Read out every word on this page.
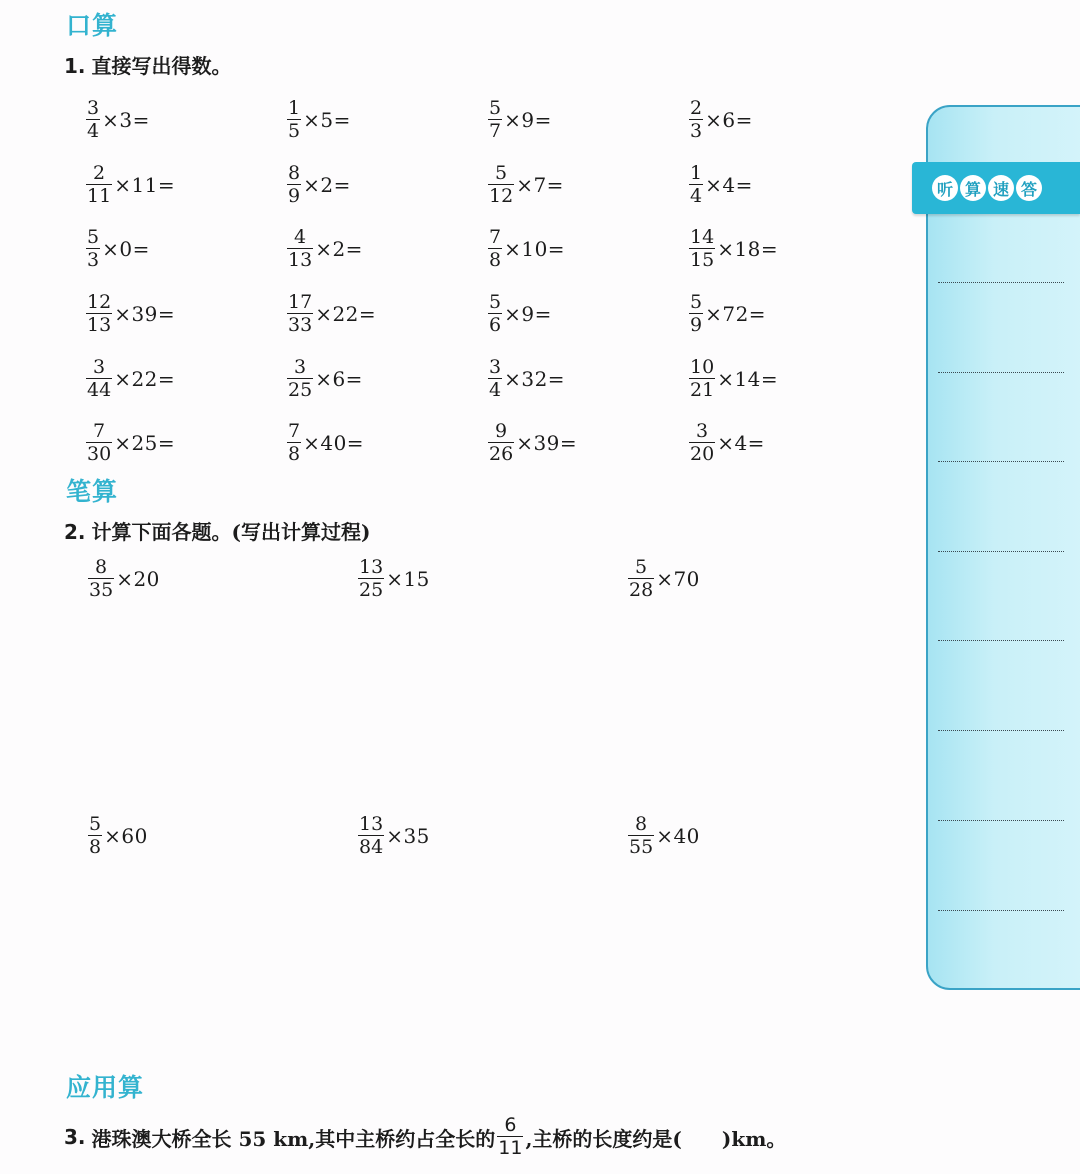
口算
1. 直接写出得数。
$\frac{3}{4} \times 3=$	$\frac{1}{5} \times 5=$	$\frac{5}{7} \times 9=$	$\frac{2}{3} \times 6=$
$\frac{2}{11} \times 11=$	$\frac{8}{9} \times 2=$	$\frac{5}{12} \times 7=$	$\frac{1}{4} \times 4=$
$\frac{5}{3} \times 0=$	$\frac{4}{13} \times 2=$	$\frac{7}{8} \times 10=$	$\frac{14}{15} \times 18=$
$\frac{12}{13} \times 39=$	$\frac{17}{33} \times 22=$	$\frac{5}{6} \times 9=$	$\frac{5}{9} \times 72=$
$\frac{3}{44} \times 22=$	$\frac{3}{25} \times 6=$	$\frac{3}{4} \times 32=$	$\frac{10}{21} \times 14=$
$\frac{7}{30} \times 25=$	$\frac{7}{8} \times 40=$	$\frac{9}{26} \times 39=$	$\frac{3}{20} \times 4=$
笔算
2. 计算下面各题。(写出计算过程)
$\frac{8}{35} \times 20$	$\frac{13}{25} \times 15$	$\frac{5}{28} \times 70$
$\frac{5}{8} \times 60$	$\frac{13}{84} \times 35$	$\frac{8}{55} \times 40$
应用算
3. 港珠澳大桥全长 55 km,其中主桥约占全长的 $\frac{6}{11}$ ,主桥的长度约是(
　　 )km。
听 算 速 答
